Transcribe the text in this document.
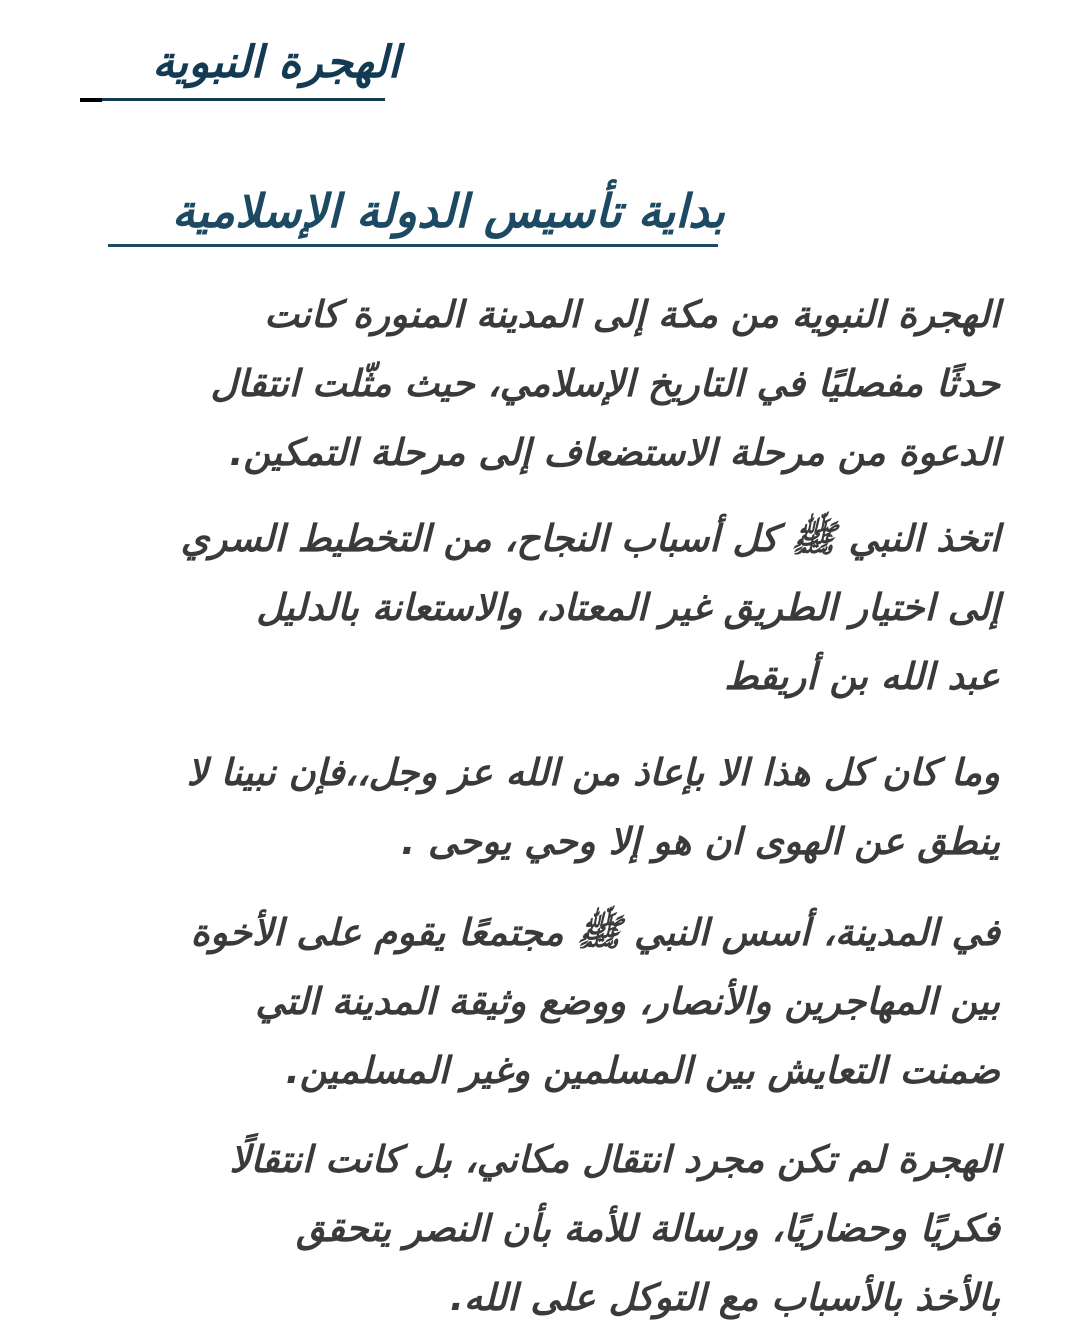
الهجرة النبوية
بداية تأسيس الدولة الإسلامية
الهجرة النبوية من مكة إلى المدينة المنورة كانت
حدثًا مفصليًا في التاريخ الإسلامي، حيث مثّلت انتقال
الدعوة من مرحلة الاستضعاف إلى مرحلة التمكين.
اتخذ النبي ﷺ كل أسباب النجاح، من التخطيط السري
إلى اختيار الطريق غير المعتاد، والاستعانة بالدليل
عبد الله بن أريقط
وما كان كل هذا الا بإعاذ من الله عز وجل،،فإن نبينا لا
ينطق عن الهوى ان هو إلا وحي يوحى .
في المدينة، أسس النبي ﷺ مجتمعًا يقوم على الأخوة
بين المهاجرين والأنصار، ووضع وثيقة المدينة التي
ضمنت التعايش بين المسلمين وغير المسلمين.
الهجرة لم تكن مجرد انتقال مكاني، بل كانت انتقالًا
فكريًا وحضاريًا، ورسالة للأمة بأن النصر يتحقق
بالأخذ بالأسباب مع التوكل على الله.
